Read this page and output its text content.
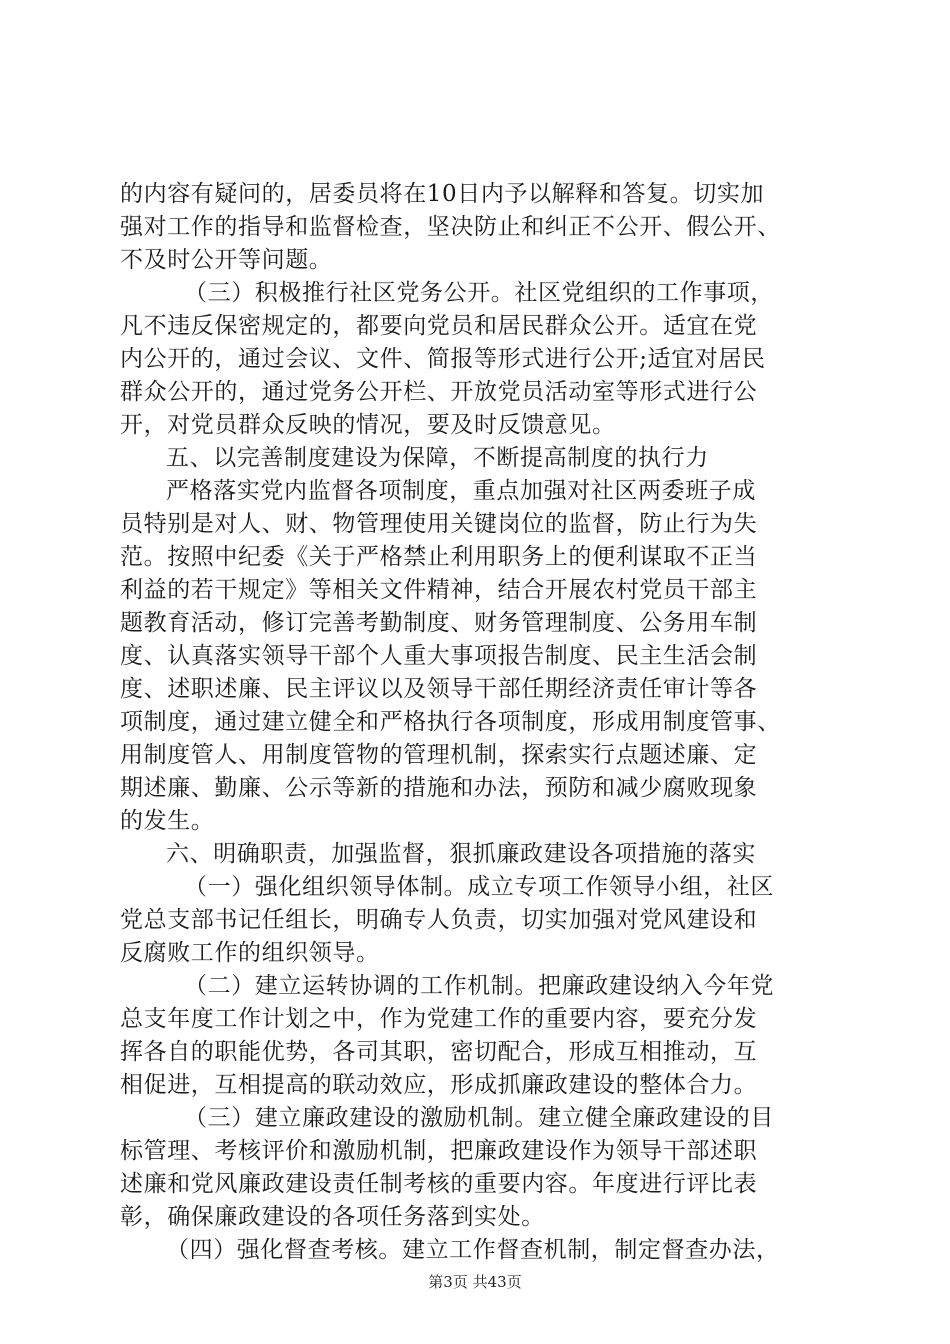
的内容有疑问的，居委员将在10日内予以解释和答复。切实加
强对工作的指导和监督检查，坚决防止和纠正不公开、假公开、
不及时公开等问题。
（三）积极推行社区党务公开。社区党组织的工作事项，
凡不违反保密规定的，都要向党员和居民群众公开。适宜在党
内公开的，通过会议、文件、简报等形式进行公开;适宜对居民
群众公开的，通过党务公开栏、开放党员活动室等形式进行公
开，对党员群众反映的情况，要及时反馈意见。
五、以完善制度建设为保障，不断提高制度的执行力
严格落实党内监督各项制度，重点加强对社区两委班子成
员特别是对人、财、物管理使用关键岗位的监督，防止行为失
范。按照中纪委《关于严格禁止利用职务上的便利谋取不正当
利益的若干规定》等相关文件精神，结合开展农村党员干部主
题教育活动，修订完善考勤制度、财务管理制度、公务用车制
度、认真落实领导干部个人重大事项报告制度、民主生活会制
度、述职述廉、民主评议以及领导干部任期经济责任审计等各
项制度，通过建立健全和严格执行各项制度，形成用制度管事、
用制度管人、用制度管物的管理机制，探索实行点题述廉、定
期述廉、勤廉、公示等新的措施和办法，预防和减少腐败现象
的发生。
六、明确职责，加强监督，狠抓廉政建设各项措施的落实
（一）强化组织领导体制。成立专项工作领导小组，社区
党总支部书记任组长，明确专人负责，切实加强对党风建设和
反腐败工作的组织领导。
（二）建立运转协调的工作机制。把廉政建设纳入今年党
总支年度工作计划之中，作为党建工作的重要内容，要充分发
挥各自的职能优势，各司其职，密切配合，形成互相推动，互
相促进，互相提高的联动效应，形成抓廉政建设的整体合力。
（三）建立廉政建设的激励机制。建立健全廉政建设的目
标管理、考核评价和激励机制，把廉政建设作为领导干部述职
述廉和党风廉政建设责任制考核的重要内容。年度进行评比表
彰，确保廉政建设的各项任务落到实处。
（四）强化督查考核。建立工作督查机制，制定督查办法，
第3页 共43页
